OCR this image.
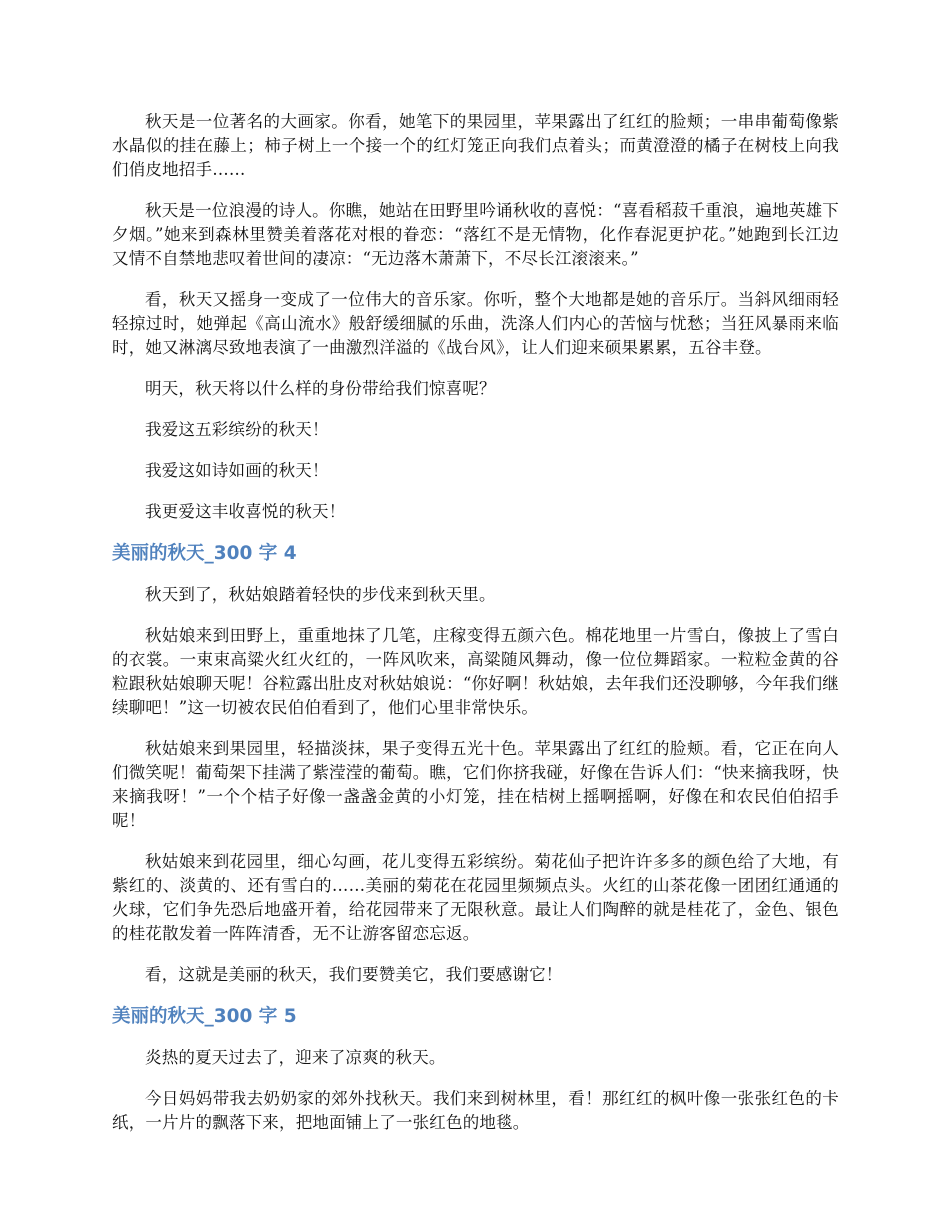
秋天是一位著名的大画家。你看，她笔下的果园里，苹果露出了红红的脸颊；一串串葡萄像紫水晶似的挂在藤上；柿子树上一个接一个的红灯笼正向我们点着头；而黄澄澄的橘子在树枝上向我们俏皮地招手……

秋天是一位浪漫的诗人。你瞧，她站在田野里吟诵秋收的喜悦：“喜看稻菽千重浪，遍地英雄下夕烟。”她来到森林里赞美着落花对根的眷恋：“落红不是无情物，化作春泥更护花。”她跑到长江边又情不自禁地悲叹着世间的凄凉：“无边落木萧萧下，不尽长江滚滚来。”

看，秋天又摇身一变成了一位伟大的音乐家。你听，整个大地都是她的音乐厅。当斜风细雨轻轻掠过时，她弹起《高山流水》般舒缓细腻的乐曲，洗涤人们内心的苦恼与忧愁；当狂风暴雨来临时，她又淋漓尽致地表演了一曲激烈洋溢的《战台风》，让人们迎来硕果累累，五谷丰登。

明天，秋天将以什么样的身份带给我们惊喜呢？

我爱这五彩缤纷的秋天！

我爱这如诗如画的秋天！

我更爱这丰收喜悦的秋天！

美丽的秋天_300 字 4

秋天到了，秋姑娘踏着轻快的步伐来到秋天里。

秋姑娘来到田野上，重重地抹了几笔，庄稼变得五颜六色。棉花地里一片雪白，像披上了雪白的衣裳。一束束高粱火红火红的，一阵风吹来，高粱随风舞动，像一位位舞蹈家。一粒粒金黄的谷粒跟秋姑娘聊天呢！谷粒露出肚皮对秋姑娘说：“你好啊！秋姑娘，去年我们还没聊够，今年我们继续聊吧！”这一切被农民伯伯看到了，他们心里非常快乐。

秋姑娘来到果园里，轻描淡抹，果子变得五光十色。苹果露出了红红的脸颊。看，它正在向人们微笑呢！葡萄架下挂满了紫滢滢的葡萄。瞧，它们你挤我碰，好像在告诉人们：“快来摘我呀，快来摘我呀！”一个个桔子好像一盏盏金黄的小灯笼，挂在桔树上摇啊摇啊，好像在和农民伯伯招手呢！

秋姑娘来到花园里，细心勾画，花儿变得五彩缤纷。菊花仙子把许许多多的颜色给了大地，有紫红的、淡黄的、还有雪白的……美丽的菊花在花园里频频点头。火红的山茶花像一团团红通通的火球，它们争先恐后地盛开着，给花园带来了无限秋意。最让人们陶醉的就是桂花了，金色、银色的桂花散发着一阵阵清香，无不让游客留恋忘返。

看，这就是美丽的秋天，我们要赞美它，我们要感谢它！

美丽的秋天_300 字 5

炎热的夏天过去了，迎来了凉爽的秋天。

今日妈妈带我去奶奶家的郊外找秋天。我们来到树林里，看！那红红的枫叶像一张张红色的卡纸，一片片的飘落下来，把地面铺上了一张红色的地毯。
